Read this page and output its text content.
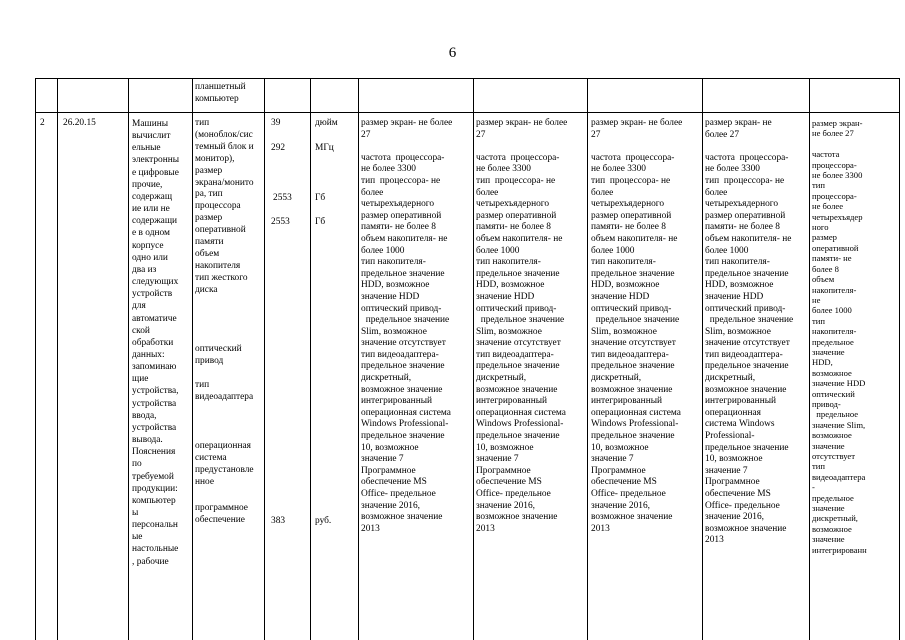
6
планшетный
компьютер
2 26.20.15	Машины
вычислит
ельные
электронны
е цифровые
прочие,
содержащ
ие или не
содержащи
е в одном
корпусе
одно или
два из
следующих
устройств
для
автоматиче
ской
обработки
данных:
запоминаю
щие
устройства,
устройства
ввода,
устройства
вывода.
Пояснения
по
требуемой
продукции:
компьютер
ы
персональн
ые
настольные
, рабочие
тип
(моноблок/сис
темный блок и
монитор),
размер
экрана/монито
ра, тип
процессора
размер
оперативной
памяти
объем
накопителя
тип жесткого
диска
оптический
привод

тип
видеоадаптера
операционная
система
предустановле
нное
программное
обеспечение
39
292
2553
2553
383
дюйм
МГц
Гб
Гб
руб.
размер экран- не более
27

частота  процессора-
не более 3300
тип  процессора- не
более
четырехъядерного
размер оперативной
памяти- не более 8
объем накопителя- не
более 1000
тип накопителя-
предельное значение
HDD, возможное
значение HDD
оптический привод-
предельное значение
Slim, возможное
значение отсутствует
тип видеоадаптера-
предельное значение
дискретный,
возможное значение
интегрированный
операционная система
Windows Professional-
предельное значение
10, возможное
значение 7
Программное
обеспечение MS
Office- предельное
значение 2016,
возможное значение
2013
размер экран- не более
27

частота  процессора-
не более 3300
тип  процессора- не
более
четырехъядерного
размер оперативной
памяти- не более 8
объем накопителя- не
более 1000
тип накопителя-
предельное значение
HDD, возможное
значение HDD
оптический привод-
предельное значение
Slim, возможное
значение отсутствует
тип видеоадаптера-
предельное значение
дискретный,
возможное значение
интегрированный
операционная система
Windows Professional-
предельное значение
10, возможное
значение 7
Программное
обеспечение MS
Office- предельное
значение 2016,
возможное значение
2013
размер экран- не более
27

частота  процессора-
не более 3300
тип  процессора- не
более
четырехъядерного
размер оперативной
памяти- не более 8
объем накопителя- не
более 1000
тип накопителя-
предельное значение
HDD, возможное
значение HDD
оптический привод-
предельное значение
Slim, возможное
значение отсутствует
тип видеоадаптера-
предельное значение
дискретный,
возможное значение
интегрированный
операционная система
Windows Professional-
предельное значение
10, возможное
значение 7
Программное
обеспечение MS
Office- предельное
значение 2016,
возможное значение
2013
размер экран- не
более 27

частота  процессора-
не более 3300
тип  процессора- не
более
четырехъядерного
размер оперативной
памяти- не более 8
объем накопителя- не
более 1000
тип накопителя-
предельное значение
HDD, возможное
значение HDD
оптический привод-
предельное значение
Slim, возможное
значение отсутствует
тип видеоадаптера-
предельное значение
дискретный,
возможное значение
интегрированный
операционная
система Windows
Professional-
предельное значение
10, возможное
значение 7
Программное
обеспечение MS
Office- предельное
значение 2016,
возможное значение
2013
размер экран-
не более 27

частота
процессора-
не более 3300
тип
процессора-
не более
четырехъядер
ного
размер
оперативной
памяти- не
более 8
объем
накопителя-
не
более 1000
тип
накопителя-
предельное
значение
HDD,
возможное
значение HDD
оптический
привод-
предельное
значение Slim,
возможное
значение
отсутствует
тип
видеоадаптера
-
предельное
значение
дискретный,
возможное
значение
интегрированн
